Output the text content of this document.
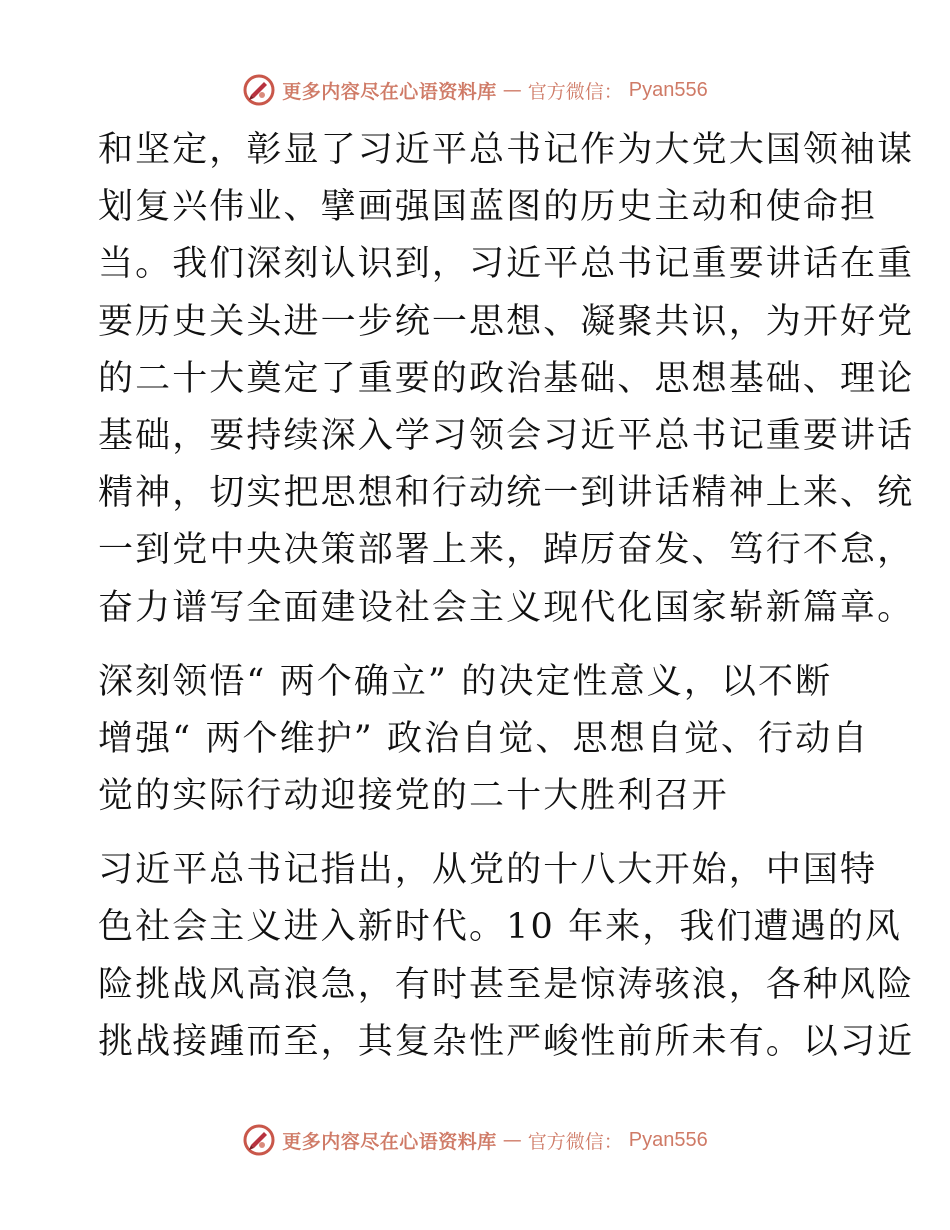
更多内容尽在心语资料库 — 官方微信： Pyan556
和坚定，彰显了习近平总书记作为大党大国领袖谋
划复兴伟业、擘画强国蓝图的历史主动和使命担
当。我们深刻认识到，习近平总书记重要讲话在重
要历史关头进一步统一思想、凝聚共识，为开好党
的二十大奠定了重要的政治基础、思想基础、理论
基础，要持续深入学习领会习近平总书记重要讲话
精神，切实把思想和行动统一到讲话精神上来、统
一到党中央决策部署上来，踔厉奋发、笃行不怠，
奋力谱写全面建设社会主义现代化国家崭新篇章。
深刻领悟“ 两个确立” 的决定性意义，以不断
增强“ 两个维护” 政治自觉、思想自觉、行动自
觉的实际行动迎接党的二十大胜利召开
习近平总书记指出，从党的十八大开始，中国特
色社会主义进入新时代。10 年来，我们遭遇的风
险挑战风高浪急，有时甚至是惊涛骇浪，各种风险
挑战接踵而至，其复杂性严峻性前所未有。以习近
更多内容尽在心语资料库 — 官方微信： Pyan556
